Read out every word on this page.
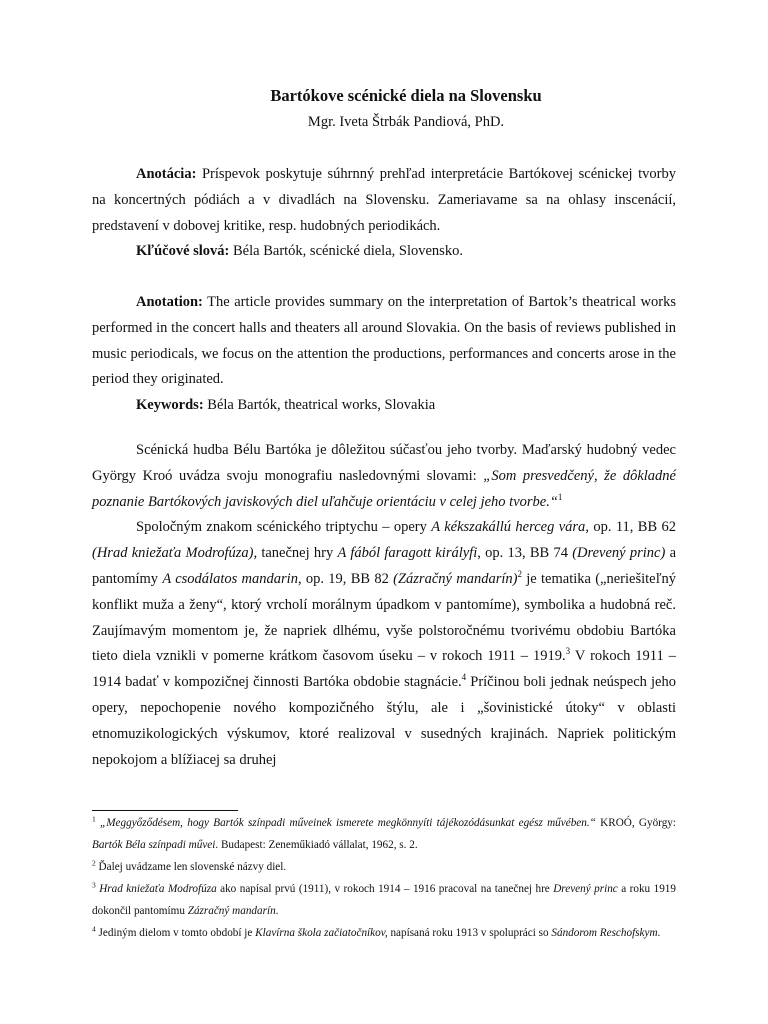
Bartókove scénické diela na Slovensku
Mgr. Iveta Štrbák Pandiová, PhD.

Anotácia: Príspevok poskytuje súhrnný prehľad interpretácie Bartókovej scénickej tvorby na koncertných pódiách a v divadlách na Slovensku. Zameriavame sa na ohlasy inscenácií, predstavení v dobovej kritike, resp. hudobných periodikách.

Kľúčové slová: Béla Bartók, scénické diela, Slovensko.

Anotation: The article provides summary on the interpretation of Bartok’s theatrical works performed in the concert halls and theaters all around Slovakia. On the basis of reviews published in music periodicals, we focus on the attention the productions, performances and concerts arose in the period they originated.

Keywords: Béla Bartók, theatrical works, Slovakia

Scénická hudba Bélu Bartóka je dôležitou súčasťou jeho tvorby. Maďarský hudobný vedec György Kroó uvádza svoju monografiu nasledovnými slovami: „Som presvedčený, že dôkladné poznanie Bartókových javiskových diel uľahčuje orientáciu v celej jeho tvorbe.“$^1$

Spoločným znakom scénického triptychu – opery A kékszakállú herceg vára, op. 11, BB 62 (Hrad kniežaťa Modrofúza), tanečnej hry A fából faragott királyfi, op. 13, BB 74 (Drevený princ) a pantomímy A csodálatos mandarin, op. 19, BB 82 (Zázračný mandarín)$^2$ je tematika („neriešiteľný konflikt muža a ženy“, ktorý vrcholí morálnym úpadkom v pantomíme), symbolika a hudobná reč. Zaujímavým momentom je, že napriek dlhému, vyše polstoročnému tvorivému obdobiu Bartóka tieto diela vznikli v pomerne krátkom časovom úseku – v rokoch 1911 – 1919.$^3$ V rokoch 1911 – 1914 badať v kompozičnej činnosti Bartóka obdobie stagnácie.$^4$ Príčinou boli jednak neúspech jeho opery, nepochopenie nového kompozičného štýlu, ale i „šovinistické útoky“ v oblasti etnomuzikologických výskumov, ktoré realizoval v susedných krajinách. Napriek politickým nepokojom a blížiacej sa druhej

$^1$ „Meggyőződésem, hogy Bartók színpadi műveinek ismerete megkönnyíti tájékozódásunkat egész művében.“ KROÓ, György: Bartók Béla színpadi művei. Budapest: Zeneműkiadó vállalat, 1962, s. 2.

$^2$ Ďalej uvádzame len slovenské názvy diel.

$^3$ Hrad kniežaťa Modrofúza ako napísal prvú (1911), v rokoch 1914 – 1916 pracoval na tanečnej hre Drevený princ a roku 1919 dokončil pantomímu Zázračný mandarín.

$^4$ Jediným dielom v tomto období je Klavírna škola začiatočníkov, napísaná roku 1913 v spolupráci so Sándorom Reschofskym.
